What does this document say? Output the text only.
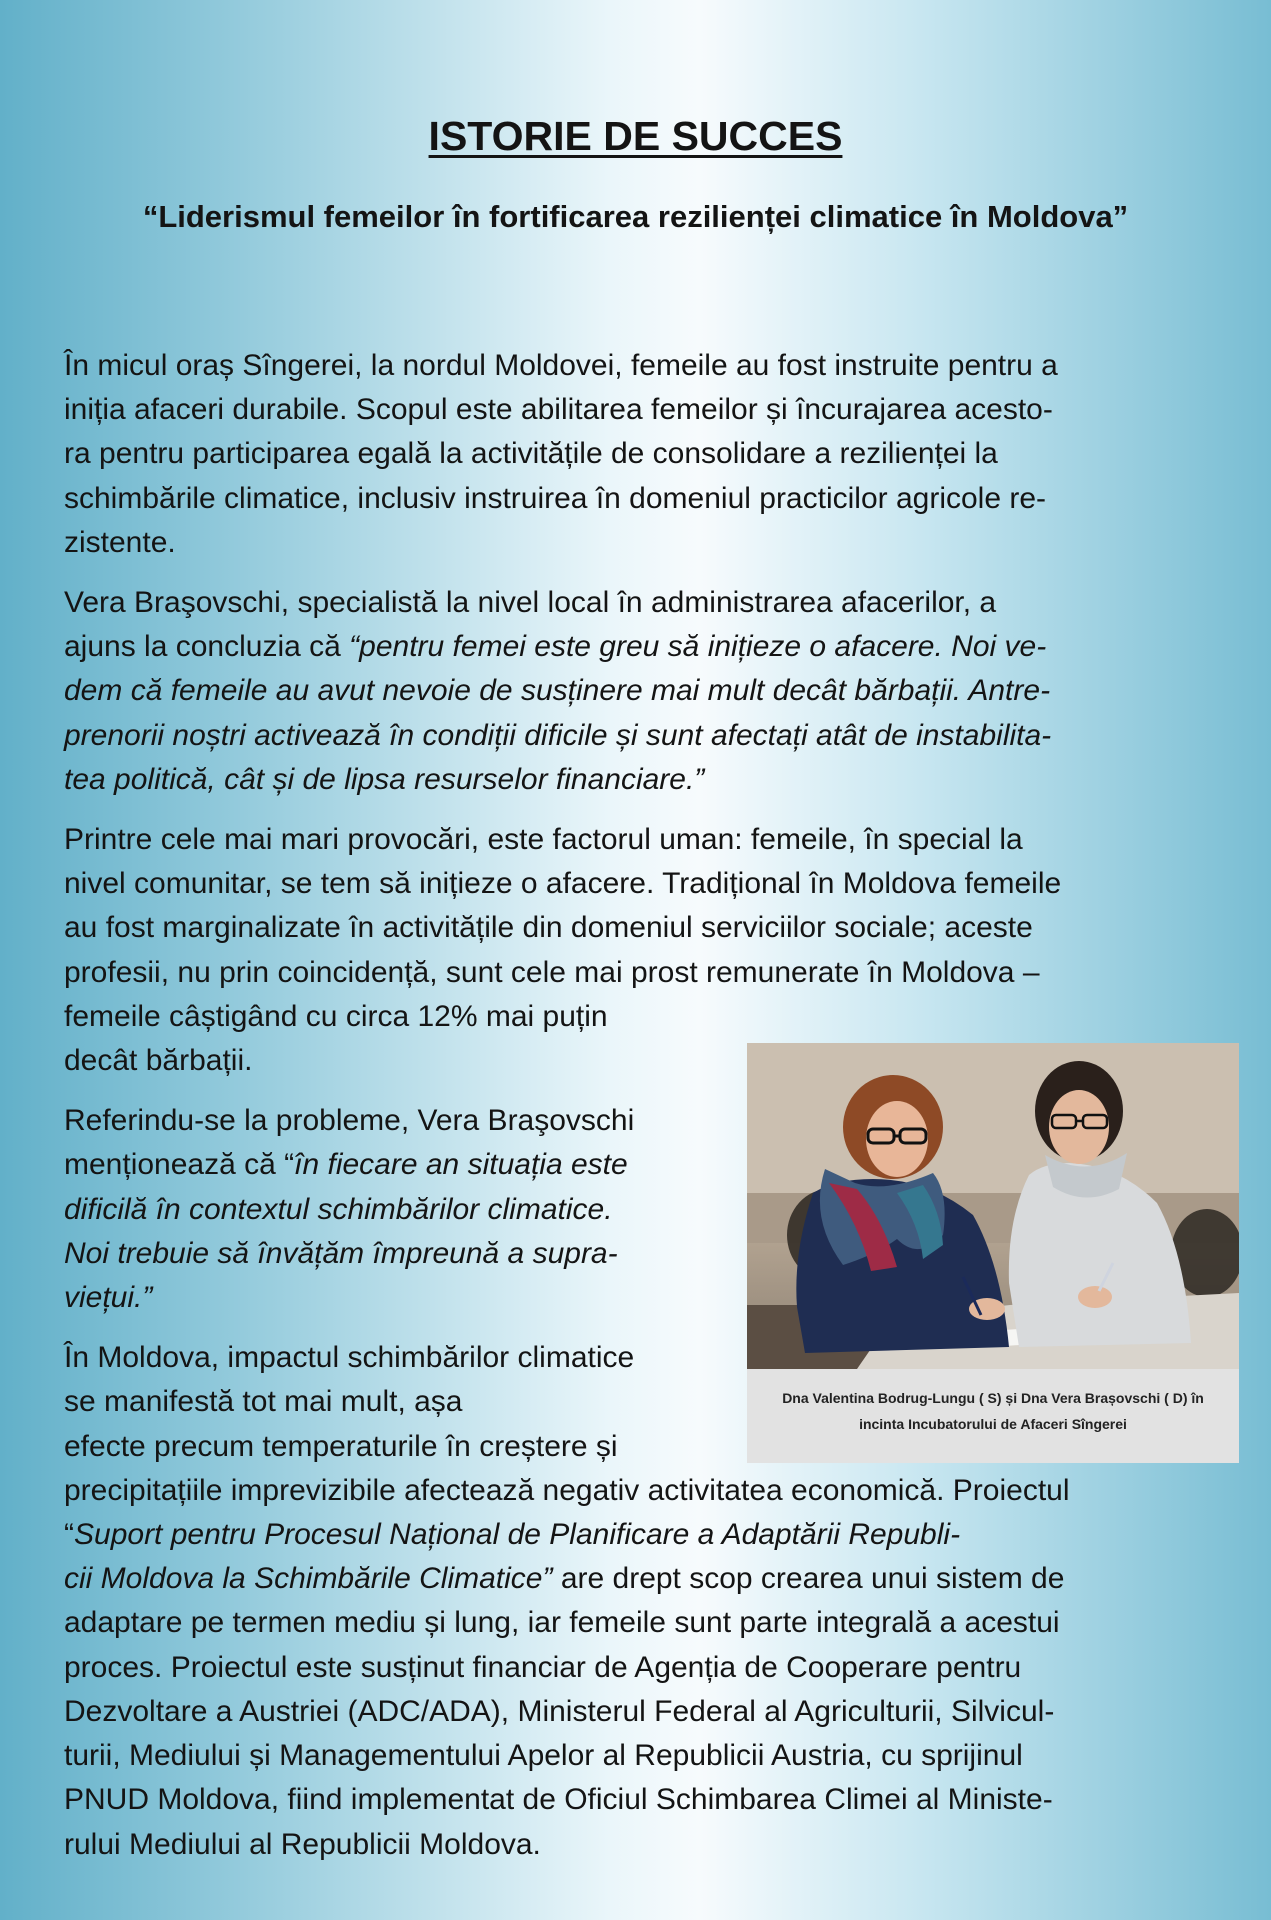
ISTORIE DE SUCCES
“Liderismul femeilor în fortificarea rezilienței climatice în Moldova”

În micul oraș Sîngerei, la nordul Moldovei, femeile au fost instruite pentru a
iniția afaceri durabile. Scopul este abilitarea femeilor și încurajarea acesto-
ra pentru participarea egală la activitățile de consolidare a rezilienței la
schimbările climatice, inclusiv instruirea în domeniul practicilor agricole re-
zistente.

Vera Braşovschi, specialistă la nivel local în administrarea afacerilor, a
ajuns la concluzia că “pentru femei este greu să inițieze o afacere. Noi ve-
dem că femeile au avut nevoie de susținere mai mult decât bărbații. Antre-
prenorii noștri activează în condiții dificile și sunt afectați atât de instabilita-
tea politică, cât și de lipsa resurselor financiare.”

Printre cele mai mari provocări, este factorul uman: femeile, în special la
nivel comunitar, se tem să inițieze o afacere. Tradițional în Moldova femeile
au fost marginalizate în activitățile din domeniul serviciilor sociale; aceste
profesii, nu prin coincidență, sunt cele mai prost remunerate în Moldova –
femeile câștigând cu circa 12% mai puțin
decât bărbații.

Referindu-se la probleme, Vera Braşovschi
menționează că “în fiecare an situația este
dificilă în contextul schimbărilor climatice.
Noi trebuie să învățăm împreună a supra-
viețui.”

În Moldova, impactul schimbărilor climatice
se manifestă tot mai mult, așa
efecte precum temperaturile în creștere și
precipitațiile imprevizibile afectează negativ activitatea economică. Proiectul
“Suport pentru Procesul Național de Planificare a Adaptării Republi-
cii Moldova la Schimbările Climatice” are drept scop crearea unui sistem de
adaptare pe termen mediu și lung, iar femeile sunt parte integrală a acestui
proces. Proiectul este susținut financiar de Agenția de Cooperare pentru
Dezvoltare a Austriei (ADC/ADA), Ministerul Federal al Agriculturii, Silvicul-
turii, Mediului și Managementului Apelor al Republicii Austria, cu sprijinul
PNUD Moldova, fiind implementat de Oficiul Schimbarea Climei al Ministe-
rului Mediului al Republicii Moldova.

Dna Valentina Bodrug-Lungu ( S) și Dna Vera Brașovschi ( D) în
incinta Incubatorului de Afaceri Sîngerei
